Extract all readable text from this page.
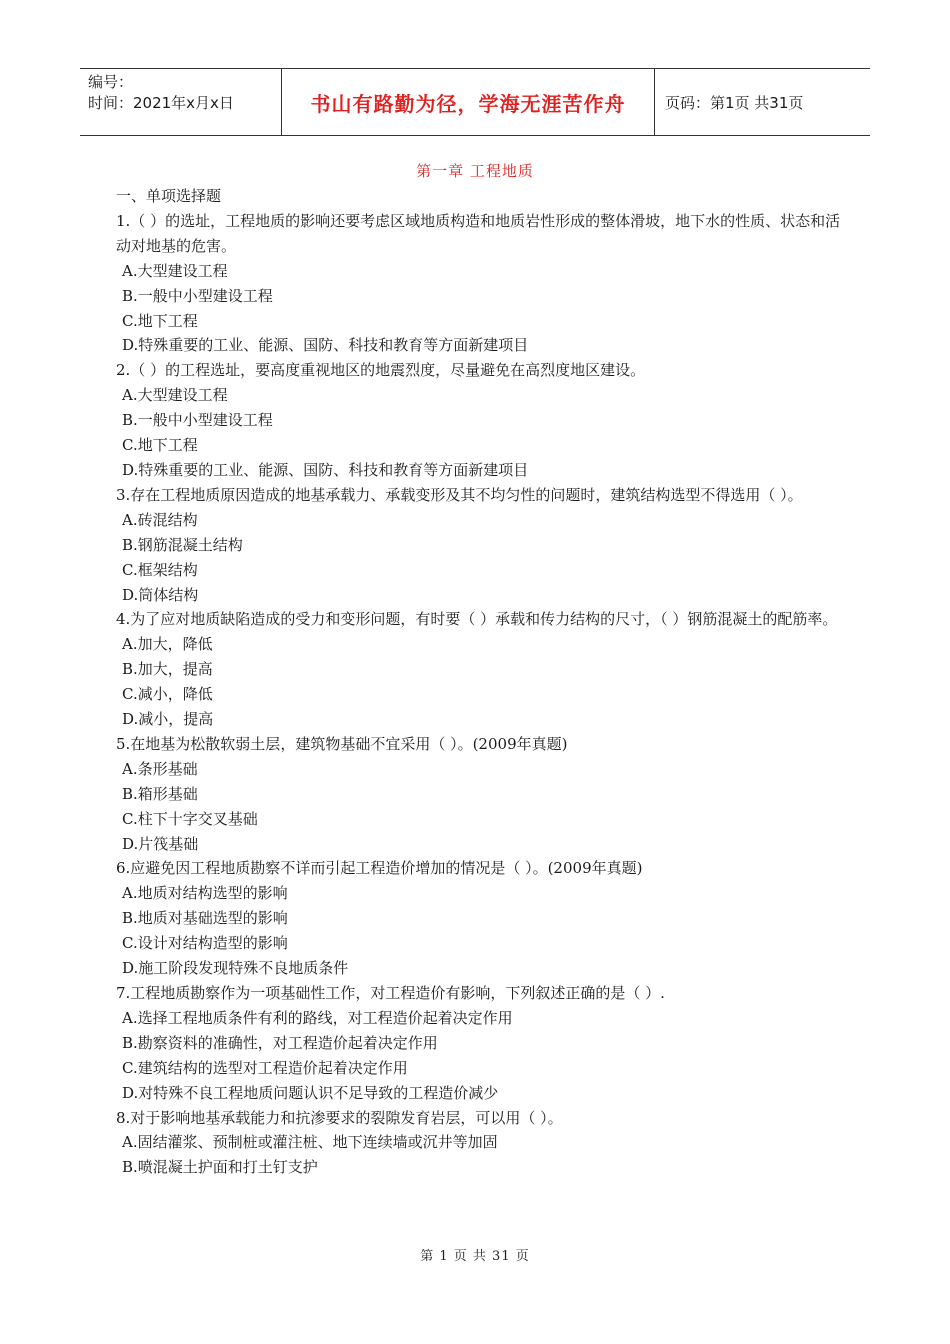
编号：
时间：2021年x月x日	书山有路勤为径，学海无涯苦作舟	页码：第1页 共31页
第一章 工程地质

一、单项选择题

1.（ ）的选址，工程地质的影响还要考虑区域地质构造和地质岩性形成的整体滑坡，地下水的性质、状态和活动对地基的危害。

A.大型建设工程

B.一般中小型建设工程

C.地下工程

D.特殊重要的工业、能源、国防、科技和教育等方面新建项目

2.（ ）的工程选址，要高度重视地区的地震烈度，尽量避免在高烈度地区建设。

A.大型建设工程

B.一般中小型建设工程

C.地下工程

D.特殊重要的工业、能源、国防、科技和教育等方面新建项目

3.存在工程地质原因造成的地基承载力、承载变形及其不均匀性的问题时，建筑结构选型不得选用（ ）。

A.砖混结构

B.钢筋混凝土结构

C.框架结构

D.筒体结构

4.为了应对地质缺陷造成的受力和变形问题，有时要（ ）承载和传力结构的尺寸，（ ）钢筋混凝土的配筋率。

A.加大，降低

B.加大，提高

C.减小，降低

D.减小，提高

5.在地基为松散软弱土层，建筑物基础不宜采用（ ）。(2009年真题)

A.条形基础

B.箱形基础

C.柱下十字交叉基础

D.片筏基础

6.应避免因工程地质勘察不详而引起工程造价增加的情况是（ ）。(2009年真题)

A.地质对结构选型的影响

B.地质对基础选型的影响

C.设计对结构造型的影响

D.施工阶段发现特殊不良地质条件

7.工程地质勘察作为一项基础性工作，对工程造价有影响，下列叙述正确的是（ ）.

A.选择工程地质条件有利的路线，对工程造价起着决定作用

B.勘察资料的准确性，对工程造价起着决定作用

C.建筑结构的选型对工程造价起着决定作用

D.对特殊不良工程地质问题认识不足导致的工程造价减少

8.对于影响地基承载能力和抗渗要求的裂隙发育岩层，可以用（ ）。

A.固结灌浆、预制桩或灌注桩、地下连续墙或沉井等加固

B.喷混凝土护面和打土钉支护

第 1 页 共 31 页
